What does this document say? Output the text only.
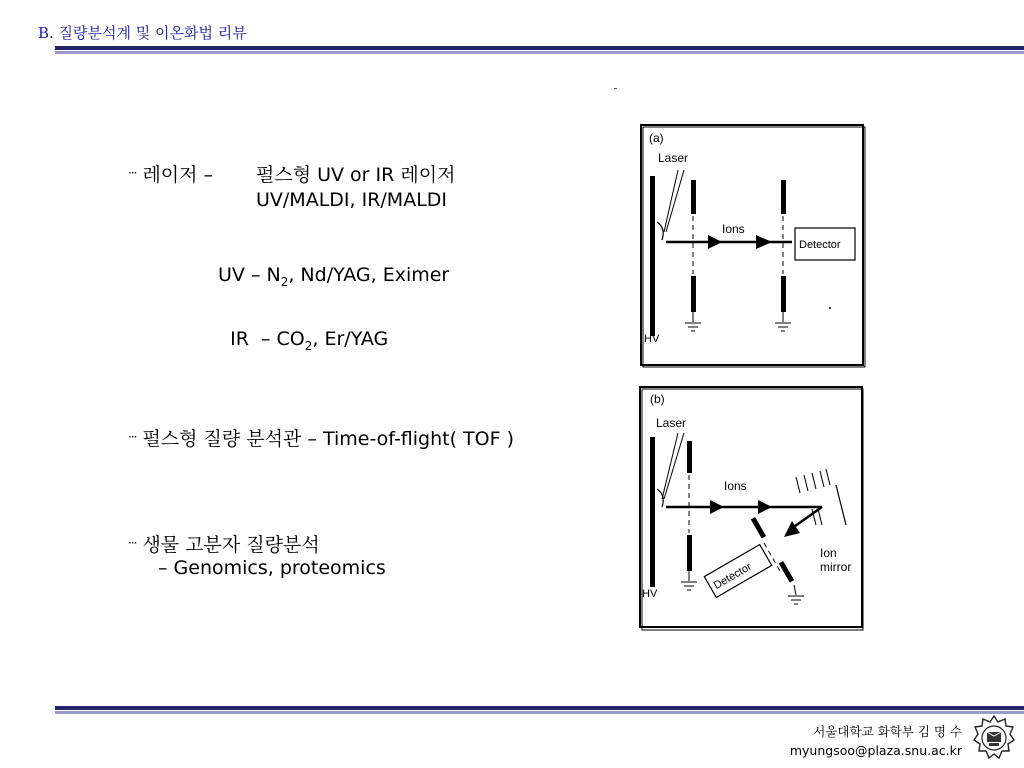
B. 질량분석계 및 이온화법 리뷰
··· 레이저 – 펄스형 UV or IR 레이저
UV/MALDI, IR/MALDI
UV – $N_2$, Nd/YAG, Eximer

IR  – $CO_2$, Er/YAG

··· 펄스형 질량 분석관 – Time-of-flight( TOF )
··· 생물 고분자 질량분석
– Genomics, proteomics
(a)
Laser
Ions
Detector
HV
(b)
Laser
Ions
Ion
mirror
Detector
HV
서울대학교 화학부 김 명 수
myungsoo@plaza.snu.ac.kr
